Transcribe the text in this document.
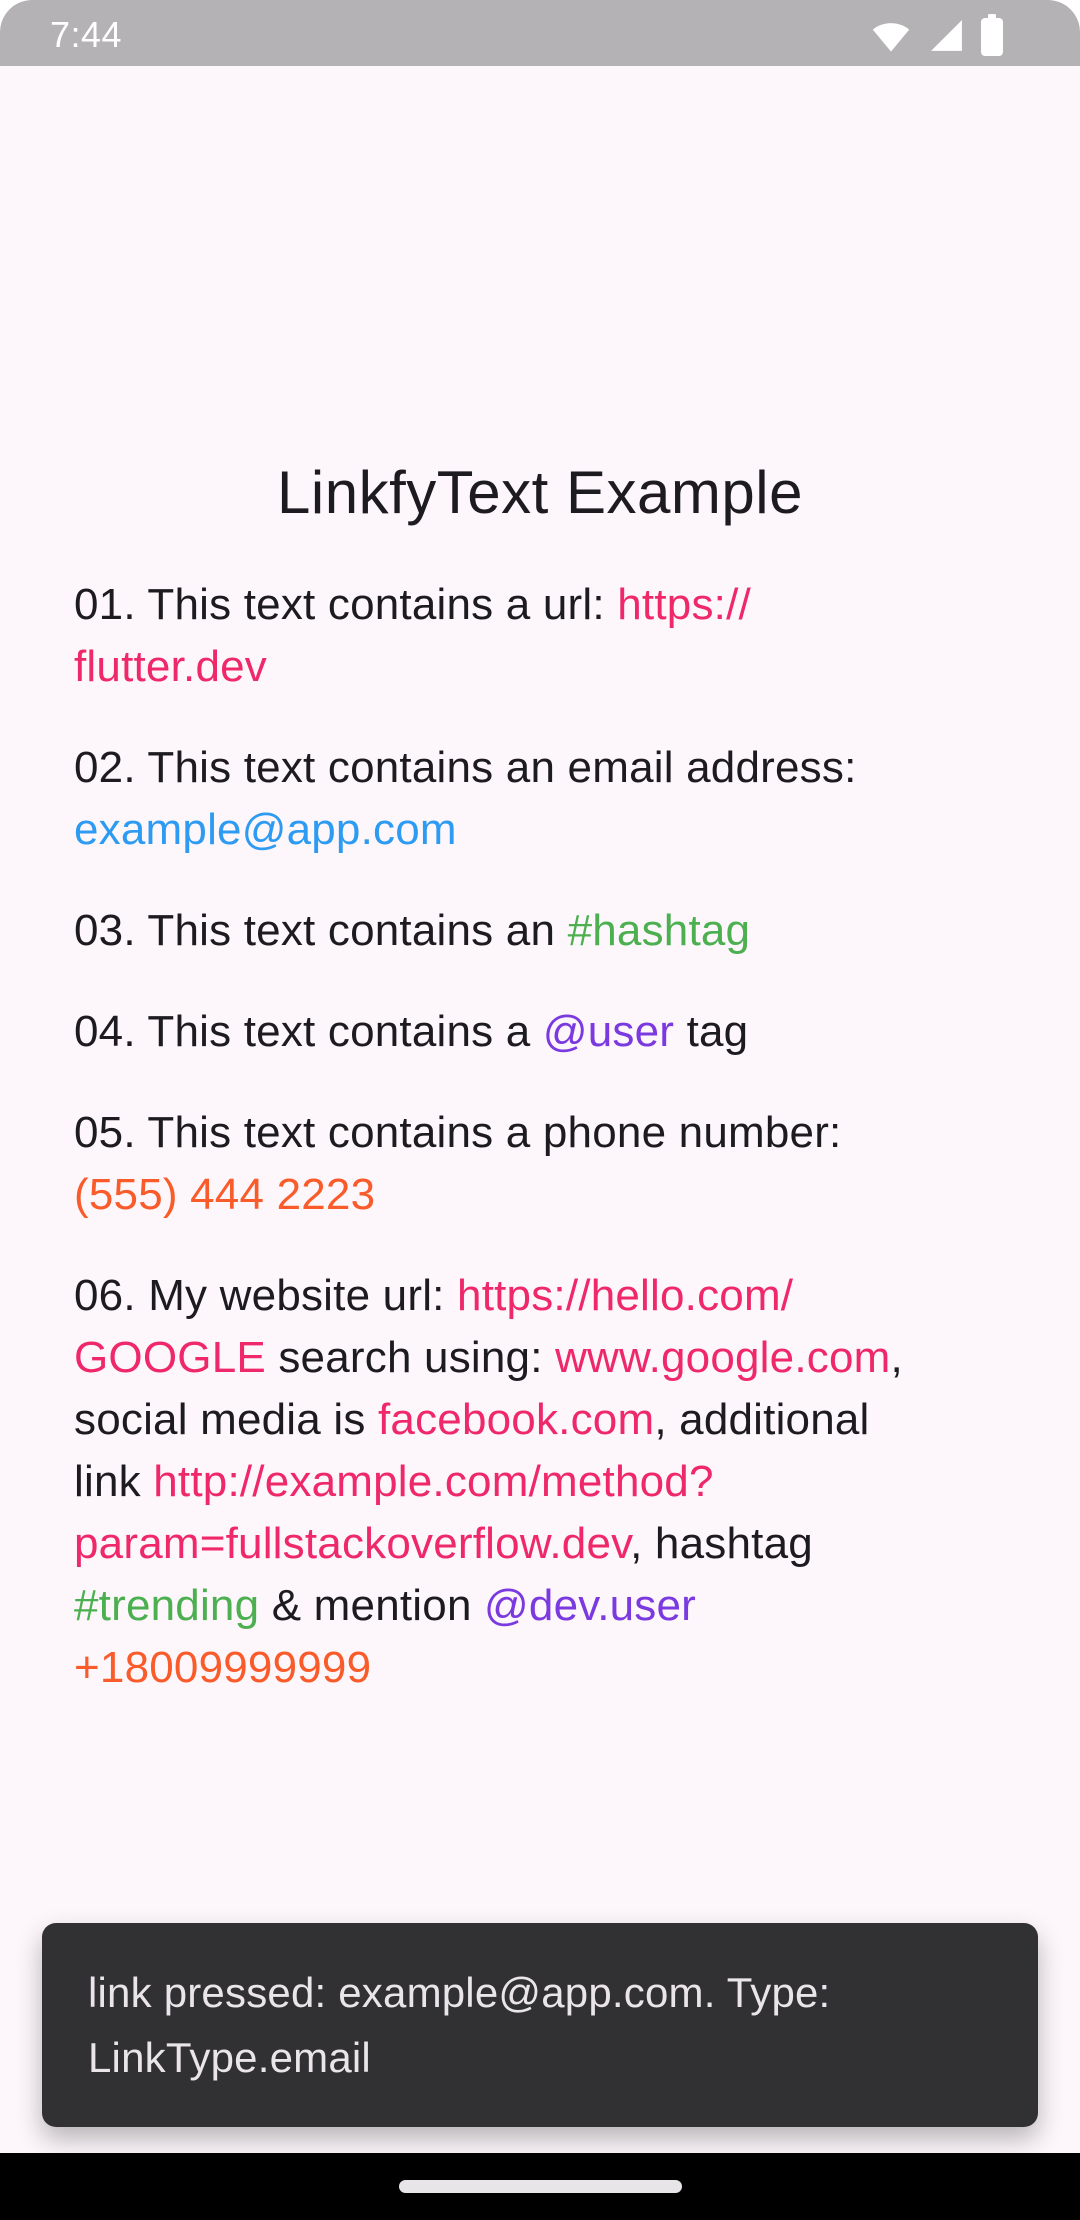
7:44
LinkfyText Example

01. This text contains a url: https://
flutter.dev

02. This text contains an email address:
example@app.com

03. This text contains an #hashtag

04. This text contains a @user tag

05. This text contains a phone number:
(555) 444 2223

06. My website url: https://hello.com/
GOOGLE search using: www.google.com,
social media is facebook.com, additional
link http://example.com/method?
param=fullstackoverflow.dev, hashtag
#trending & mention @dev.user
+18009999999

link pressed: example@app.com. Type:
LinkType.email
